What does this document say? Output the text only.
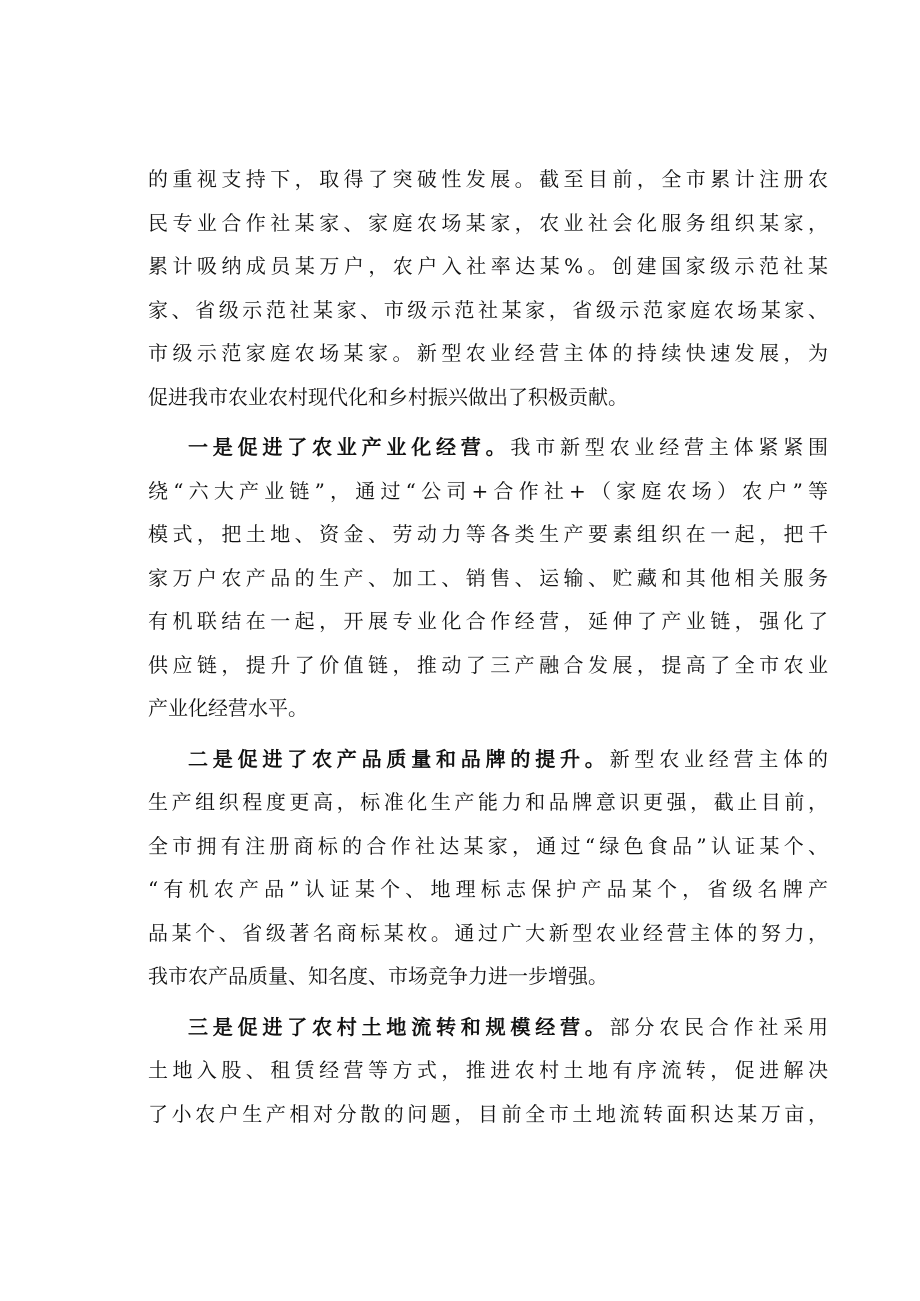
的重视支持下，取得了突破性发展。截至目前，全市累计注册农
民专业合作社某家、家庭农场某家，农业社会化服务组织某家，
累计吸纳成员某万户，农户入社率达某%。创建国家级示范社某
家、省级示范社某家、市级示范社某家，省级示范家庭农场某家、
市级示范家庭农场某家。新型农业经营主体的持续快速发展，为
促进我市农业农村现代化和乡村振兴做出了积极贡献。
一是促进了农业产业化经营。我市新型农业经营主体紧紧围
绕“六大产业链”，通过“公司+合作社+（家庭农场）农户”等
模式，把土地、资金、劳动力等各类生产要素组织在一起，把千
家万户农产品的生产、加工、销售、运输、贮藏和其他相关服务
有机联结在一起，开展专业化合作经营，延伸了产业链，强化了
供应链，提升了价值链，推动了三产融合发展，提高了全市农业
产业化经营水平。
二是促进了农产品质量和品牌的提升。新型农业经营主体的
生产组织程度更高，标准化生产能力和品牌意识更强，截止目前，
全市拥有注册商标的合作社达某家，通过“绿色食品”认证某个、
“有机农产品”认证某个、地理标志保护产品某个，省级名牌产
品某个、省级著名商标某枚。通过广大新型农业经营主体的努力，
我市农产品质量、知名度、市场竞争力进一步增强。
三是促进了农村土地流转和规模经营。部分农民合作社采用
土地入股、租赁经营等方式，推进农村土地有序流转，促进解决
了小农户生产相对分散的问题，目前全市土地流转面积达某万亩，
